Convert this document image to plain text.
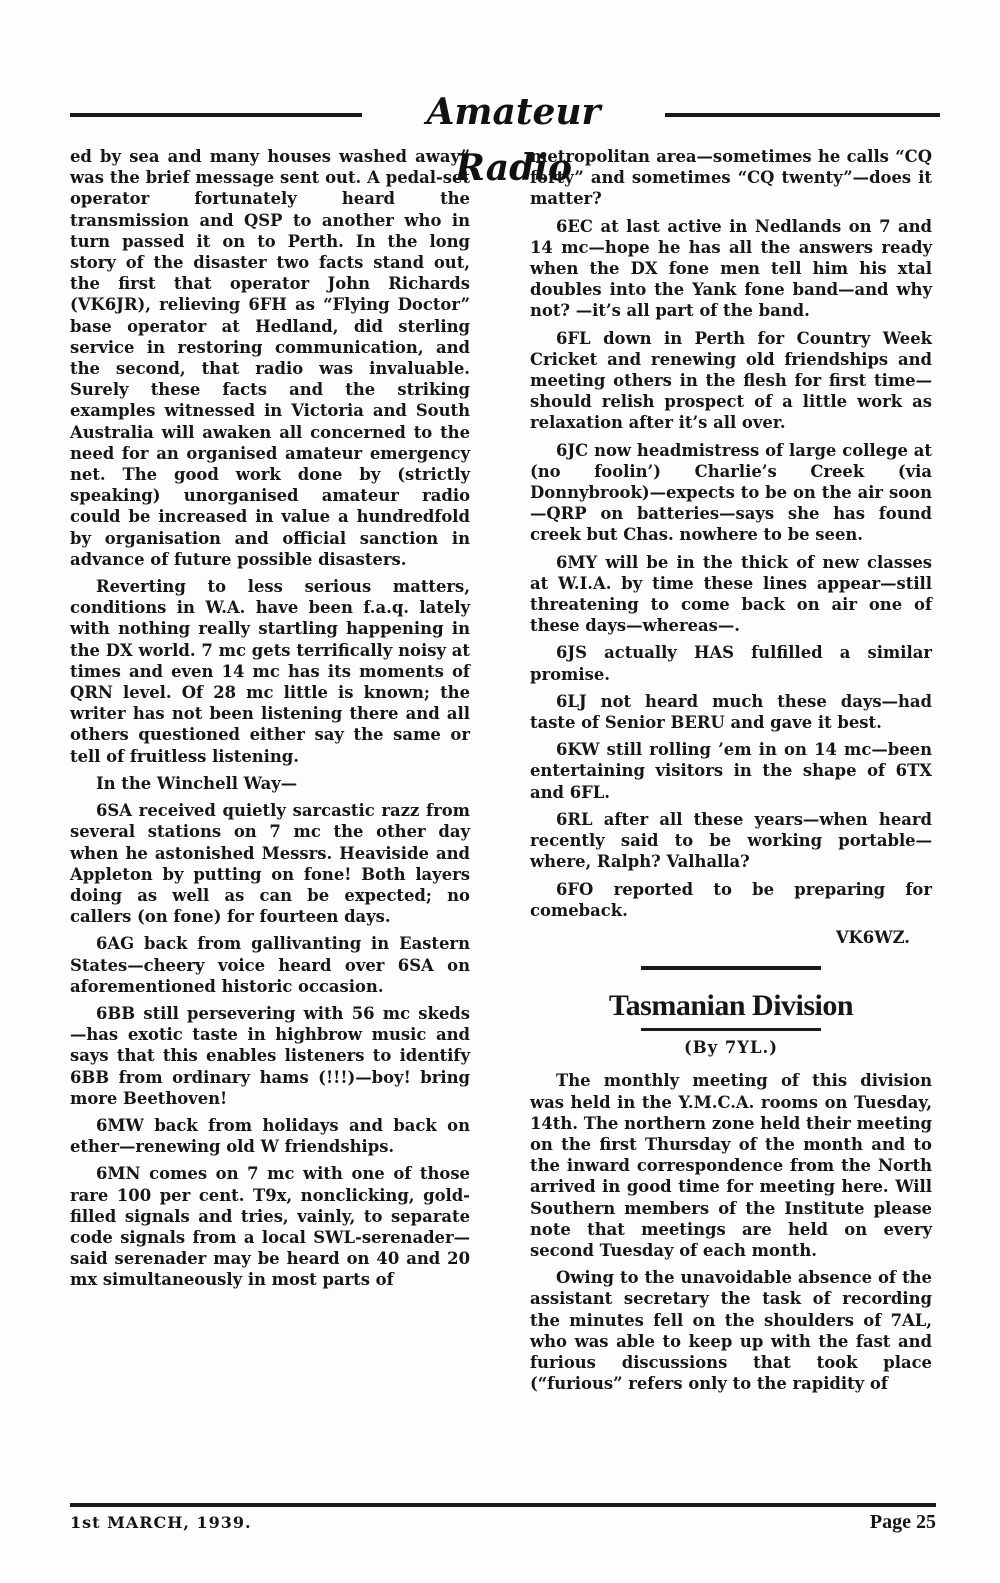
Amateur Radio

ed by sea and many houses washed away” was the brief message sent out. A pedal-set operator fortunately heard the transmission and QSP to another who in turn passed it on to Perth. In the long story of the disaster two facts stand out, the first that operator John Richards (VK6JR), relieving 6FH as “Flying Doctor” base operator at Hedland, did sterling service in restoring communication, and the second, that radio was invaluable. Surely these facts and the striking examples witnessed in Victoria and South Australia will awaken all concerned to the need for an organised amateur emergency net. The good work done by (strictly speaking) unorganised amateur radio could be increased in value a hundredfold by organisation and official sanction in advance of future possible disasters.

Reverting to less serious matters, conditions in W.A. have been f.a.q. lately with nothing really startling happening in the DX world. 7 mc gets terrifically noisy at times and even 14 mc has its moments of QRN level. Of 28 mc little is known; the writer has not been listening there and all others questioned either say the same or tell of fruitless listening.

In the Winchell Way—

6SA received quietly sarcastic razz from several stations on 7 mc the other day when he astonished Messrs. Heaviside and Appleton by putting on fone! Both layers doing as well as can be expected; no callers (on fone) for fourteen days.

6AG back from gallivanting in Eastern States—cheery voice heard over 6SA on aforementioned historic occasion.

6BB still persevering with 56 mc skeds—has exotic taste in highbrow music and says that this enables listeners to identify 6BB from ordinary hams (!!!)—boy! bring more Beethoven!

6MW back from holidays and back on ether—renewing old W friendships.

6MN comes on 7 mc with one of those rare 100 per cent. T9x, nonclicking, gold-filled signals and tries, vainly, to separate code signals from a local SWL-serenader—said serenader may be heard on 40 and 20 mx simultaneously in most parts of

metropolitan area—sometimes he calls “CQ forty” and sometimes “CQ twenty”—does it matter?

6EC at last active in Nedlands on 7 and 14 mc—hope he has all the answers ready when the DX fone men tell him his xtal doubles into the Yank fone band—and why not? —it’s all part of the band.

6FL down in Perth for Country Week Cricket and renewing old friendships and meeting others in the flesh for first time—should relish prospect of a little work as relaxation after it’s all over.

6JC now headmistress of large college at (no foolin’) Charlie’s Creek (via Donnybrook)—expects to be on the air soon—QRP on batteries—says she has found creek but Chas. nowhere to be seen.

6MY will be in the thick of new classes at W.I.A. by time these lines appear—still threatening to come back on air one of these days—whereas—.

6JS actually HAS fulfilled a similar promise.

6LJ not heard much these days—had taste of Senior BERU and gave it best.

6KW still rolling ’em in on 14 mc—been entertaining visitors in the shape of 6TX and 6FL.

6RL after all these years—when heard recently said to be working portable—where, Ralph? Valhalla?

6FO reported to be preparing for comeback.

VK6WZ.

Tasmanian Division

(By 7YL.)

The monthly meeting of this division was held in the Y.M.C.A. rooms on Tuesday, 14th. The northern zone held their meeting on the first Thursday of the month and to the inward correspondence from the North arrived in good time for meeting here. Will Southern members of the Institute please note that meetings are held on every second Tuesday of each month.

Owing to the unavoidable absence of the assistant secretary the task of recording the minutes fell on the shoulders of 7AL, who was able to keep up with the fast and furious discussions that took place (“furious” refers only to the rapidity of

1st MARCH, 1939.	Page 25
